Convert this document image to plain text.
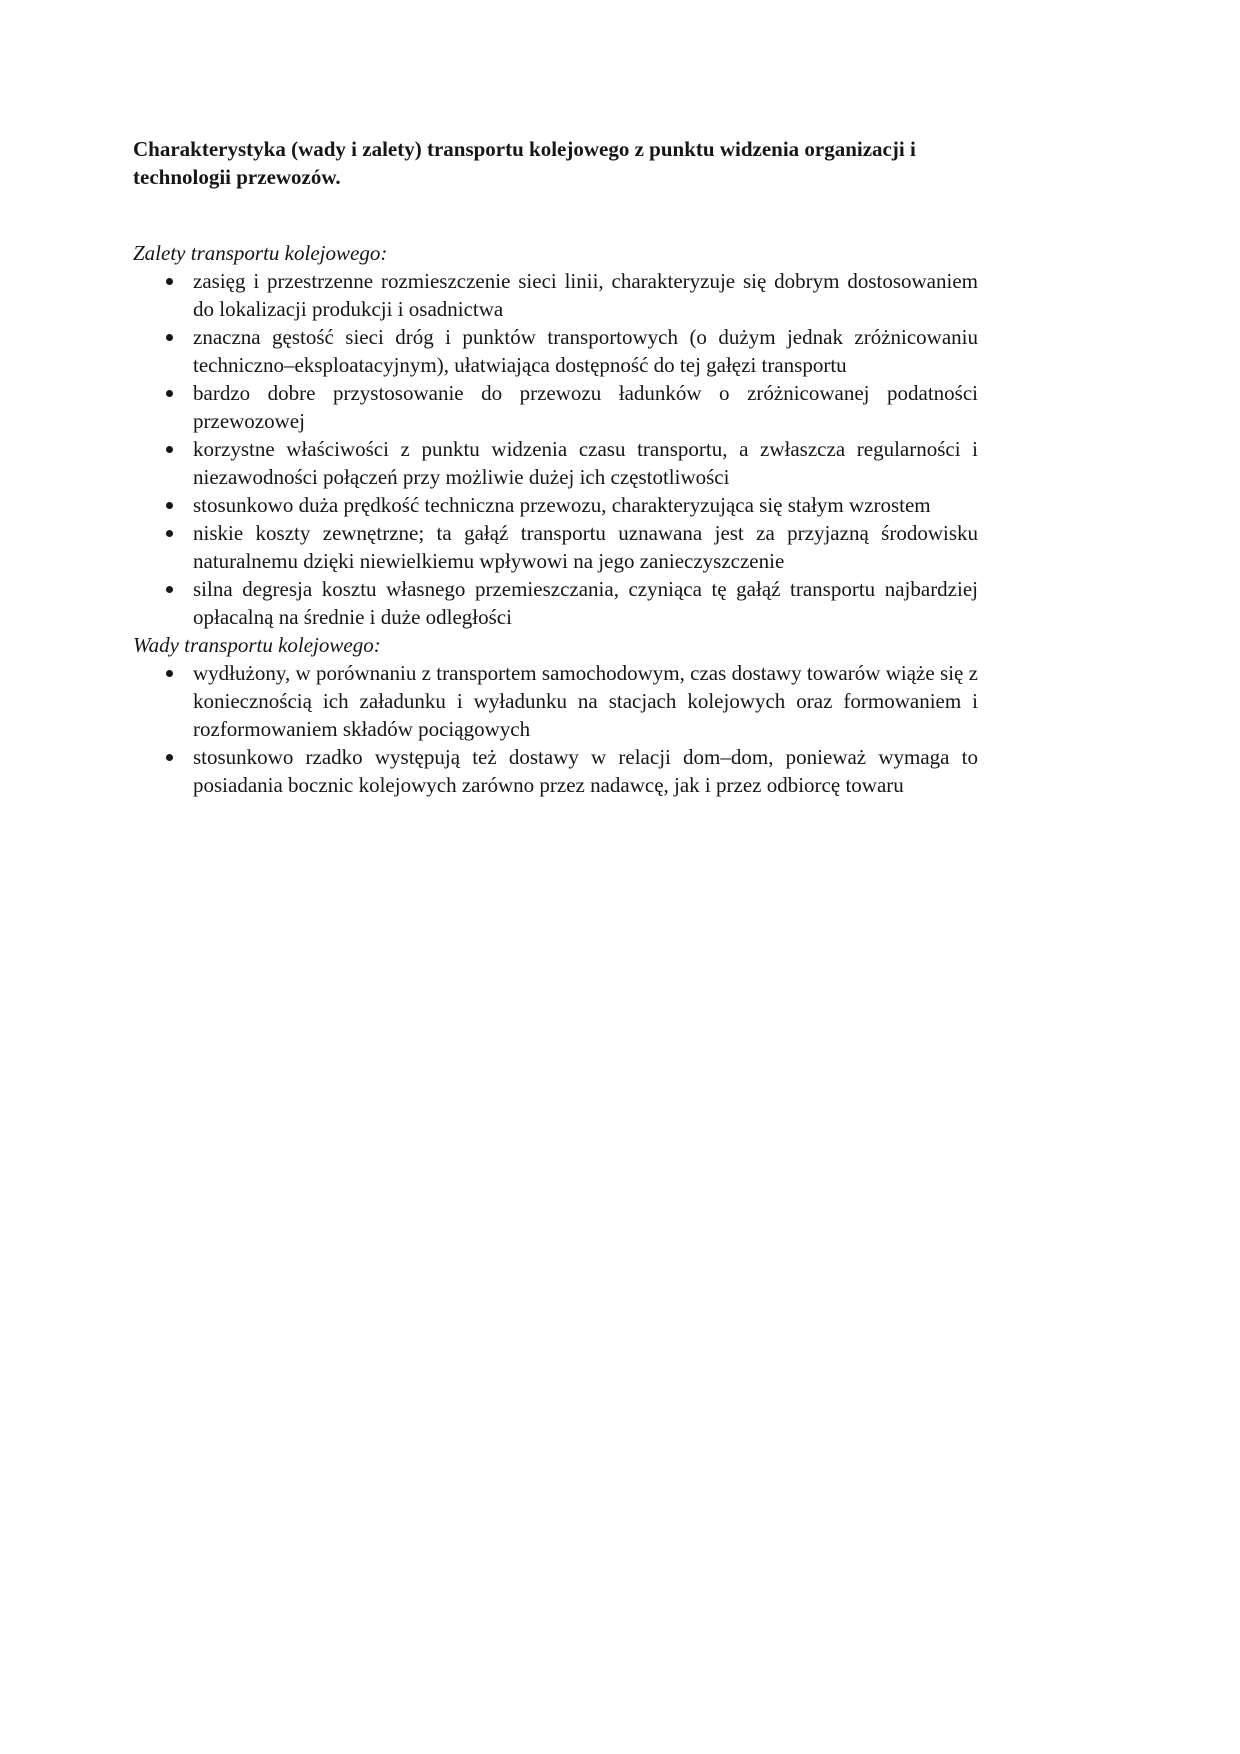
Charakterystyka (wady i zalety) transportu kolejowego z punktu widzenia organizacji i technologii przewozów.

Zalety transportu kolejowego:

zasięg i przestrzenne rozmieszczenie sieci linii, charakteryzuje się dobrym dostosowaniem do lokalizacji produkcji i osadnictwa
znaczna gęstość sieci dróg i punktów transportowych (o dużym jednak zróżnicowaniu techniczno–eksploatacyjnym), ułatwiająca dostępność do tej gałęzi transportu
bardzo dobre przystosowanie do przewozu ładunków o zróżnicowanej podatności przewozowej
korzystne właściwości z punktu widzenia czasu transportu, a zwłaszcza regularności i niezawodności połączeń przy możliwie dużej ich częstotliwości
stosunkowo duża prędkość techniczna przewozu, charakteryzująca się stałym wzrostem
niskie koszty zewnętrzne; ta gałąź transportu uznawana jest za przyjazną środowisku naturalnemu dzięki niewielkiemu wpływowi na jego zanieczyszczenie
silna degresja kosztu własnego przemieszczania, czyniąca tę gałąź transportu najbardziej opłacalną na średnie i duże odległości

Wady transportu kolejowego:

wydłużony, w porównaniu z transportem samochodowym, czas dostawy towarów wiąże się z koniecznością ich załadunku i wyładunku na stacjach kolejowych oraz formowaniem i rozformowaniem składów pociągowych
stosunkowo rzadko występują też dostawy w relacji dom–dom, ponieważ wymaga to posiadania bocznic kolejowych zarówno przez nadawcę, jak i przez odbiorcę towaru
